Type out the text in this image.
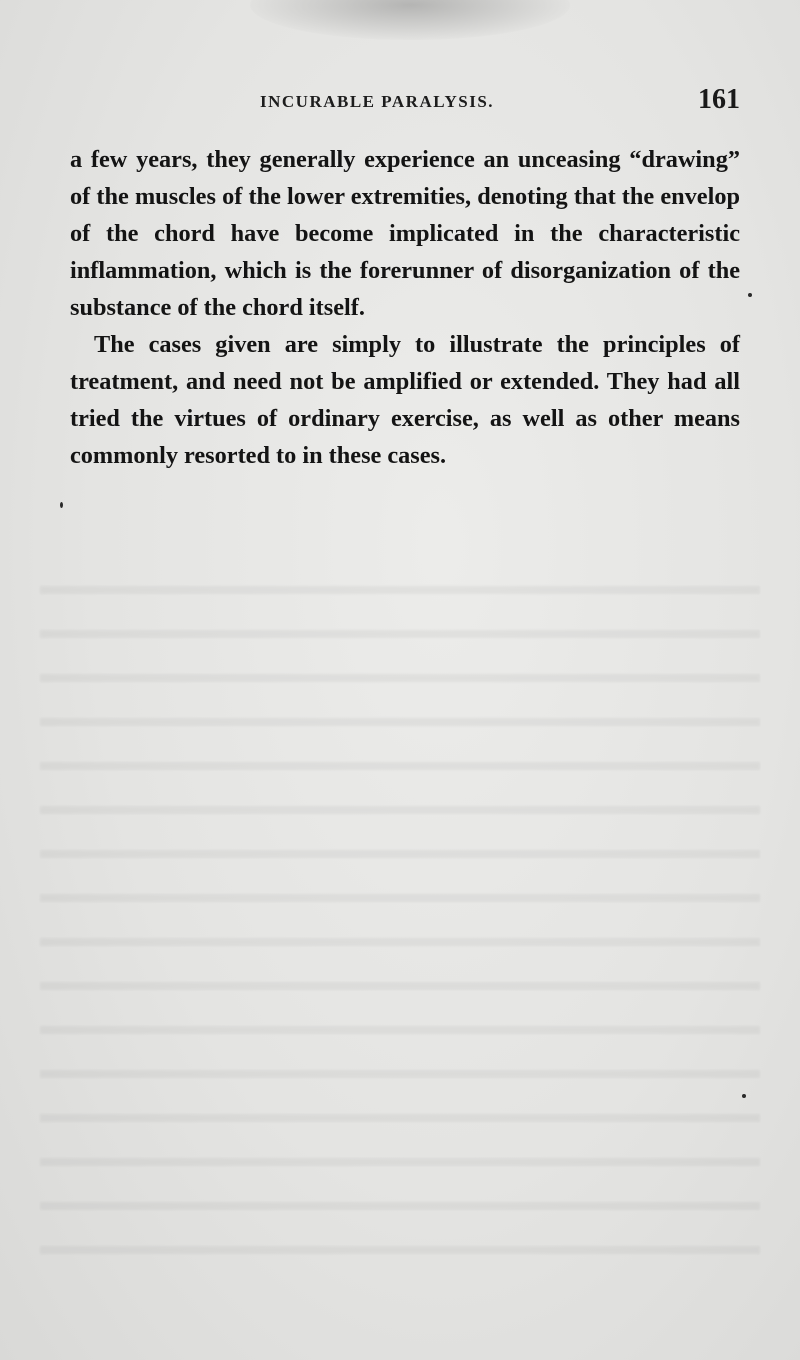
INCURABLE PARALYSIS.	161

a few years, they generally experience an unceasing “drawing” of the muscles of the lower extremities, denoting that the envelop of the chord have become implicated in the characteristic inflammation, which is the forerunner of disorganization of the substance of the chord itself.

The cases given are simply to illustrate the principles of treatment, and need not be amplified or extended. They had all tried the virtues of ordinary exercise, as well as other means commonly resorted to in these cases.
